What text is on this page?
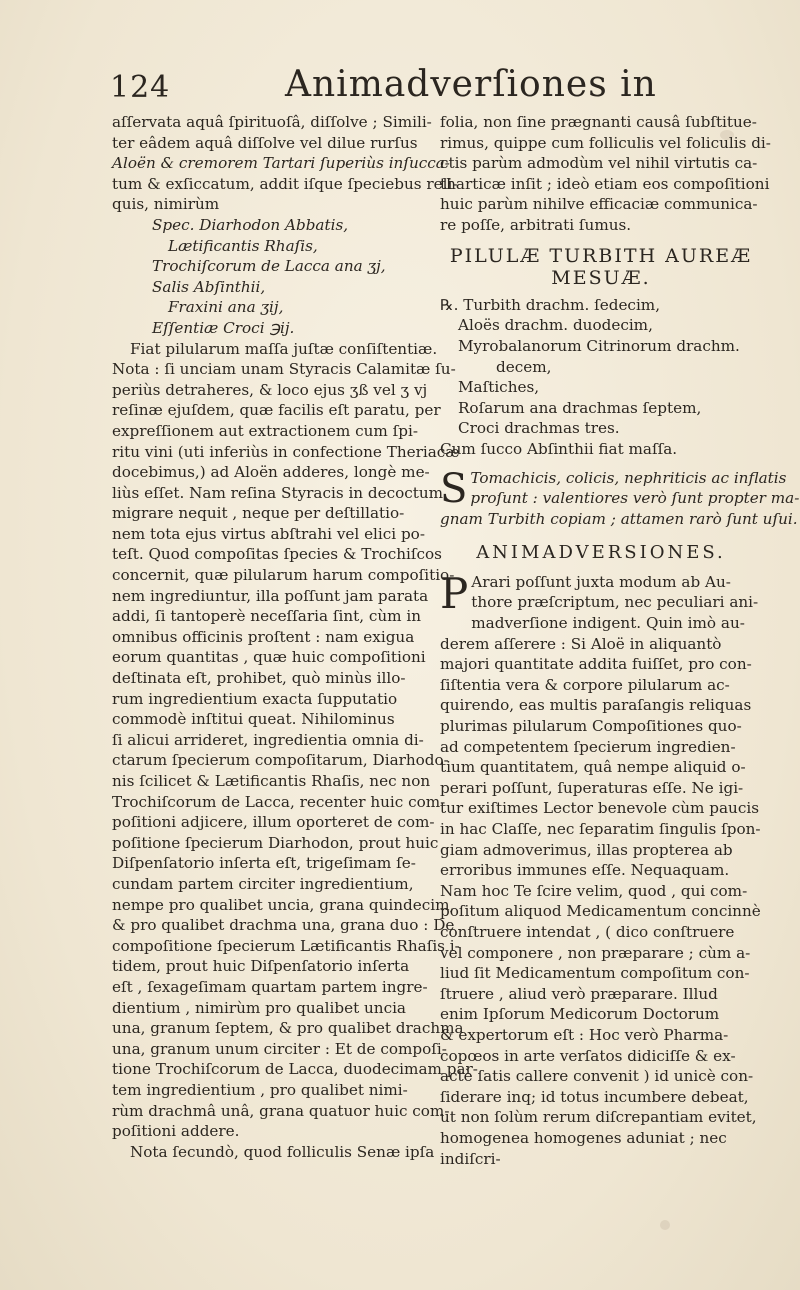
124	Animadverſiones in
aſſervata aquâ ſpirituoſâ, diſſolve ; Simili-
ter eâdem aquâ diſſolve vel dilue rurſus
Aloën & cremorem Tartari ſuperiùs inſucca-
tum & exſiccatum, addit iſque ſpeciebus reli-
quis, nimirùm
Spec. Diarhodon Abbatis,
Lætificantis Rhaſis,
Trochiſcorum de Lacca ana ʒj,
Salis Abſinthii,
Fraxini ana ʒij,
Eſſentiæ Croci ℈ij.
Fiat pilularum maſſa juſtæ conſiſtentiæ.
Nota : ſi unciam unam Styracis Calamitæ ſu-
periùs detraheres, & loco ejus ʒß vel ʒ vj
reſinæ ejuſdem, quæ facilis eſt paratu, per
expreſſionem aut extractionem cum ſpi-
ritu vini (uti inferiùs in confectione Theriacæ
docebimus,) ad Aloën adderes, longè me-
liùs eſſet. Nam reſina Styracis in decoctum
migrare nequit , neque per deſtillatio-
nem tota ejus virtus abſtrahi vel elici po-
teſt. Quod compoſitas ſpecies & Trochiſcos
concernit, quæ pilularum harum compoſitio-
nem ingrediuntur, illa poſſunt jam parata
addi, ſi tantoperè neceſſaria ſint, cùm in
omnibus officinis proſtent : nam exigua
eorum quantitas , quæ huic compoſitioni
deſtinata eſt, prohibet, quò minùs illo-
rum ingredientium exacta ſupputatio
commodè inſtitui queat. Nihilominus
ſi alicui arrideret, ingredientia omnia di-
ctarum ſpecierum compoſitarum, Diarhodo-
nis ſcilicet & Lætificantis Rhaſis, nec non
Trochiſcorum de Lacca, recenter huic com-
poſitioni adjicere, illum oporteret de com-
poſitione ſpecierum Diarhodon, prout huic
Diſpenſatorio inſerta eſt, trigeſimam ſe-
cundam partem circiter ingredientium,
nempe pro qualibet uncia, grana quindecim,
& pro qualibet drachma una, grana duo : De
compoſitione ſpecierum Lætificantis Rhaſis i-
tidem, prout huic Diſpenſatorio inſerta
eſt , ſexageſimam quartam partem ingre-
dientium , nimirùm pro qualibet uncia
una, granum ſeptem, & pro qualibet drachma
una, granum unum circiter : Et de compoſi-
tione Trochiſcorum de Lacca, duodecimam par-
tem ingredientium , pro qualibet nimi-
rùm drachmâ unâ, grana quatuor huic com-
poſitioni addere.
Nota ſecundò, quod folliculis Senæ ipſa
folia, non ſine prægnanti causâ ſubſtitue-
rimus, quippe cum folliculis vel foliculis di-
ctis parùm admodùm vel nihil virtutis ca-
tharticæ inſit ; ideò etiam eos compoſitioni
huic parùm nihilve efficaciæ communica-
re poſſe, arbitrati ſumus.
PILULÆ TURBITH AUREÆ
MESUÆ.
℞. Turbith drachm. ſedecim,
Aloës drachm. duodecim,
Myrobalanorum Citrinorum drachm.
decem,
Maſtiches,
Roſarum ana drachmas ſeptem,
Croci drachmas tres.
Cum ſucco Abſinthii fiat maſſa.
S Tomachicis, colicis, nephriticis ac inflatis
proſunt : valentiores verò ſunt propter ma-
gnam Turbith copiam ; attamen rarò ſunt uſui.
ANIMADVERSIONES.
P Arari poſſunt juxta modum ab Au-
thore præſcriptum, nec peculiari ani-
madverſione indigent. Quin imò au-
derem aſſerere : Si Aloë in aliquantò
majori quantitate addita fuiſſet, pro con-
ſiſtentia vera & corpore pilularum ac-
quirendo, eas multis paraſangis reliquas
plurimas pilularum Compoſitiones quo-
ad competentem ſpecierum ingredien-
tium quantitatem, quâ nempe aliquid o-
perari poſſunt, ſuperaturas eſſe. Ne igi-
tur exiſtimes Lector benevole cùm paucis
in hac Claſſe, nec ſeparatim ſingulis ſpon-
giam admoverimus, illas propterea ab
erroribus immunes eſſe. Nequaquam.
Nam hoc Te ſcire velim, quod , qui com-
poſitum aliquod Medicamentum concinnè
conſtruere intendat , ( dico conſtruere
vel componere , non præparare ; cùm a-
liud ſit Medicamentum compoſitum con-
ſtruere , aliud verò præparare. Illud
enim Ipſorum Medicorum Doctorum
& expertorum eſt : Hoc verò Pharma-
copœos in arte verſatos didiciſſe & ex-
actè ſatis callere convenit ) id unicè con-
ſiderare inq; id totus incumbere debeat,
ut non ſolùm rerum diſcrepantiam evitet,
homogenea homogenes aduniat ; nec
indiſcri-
